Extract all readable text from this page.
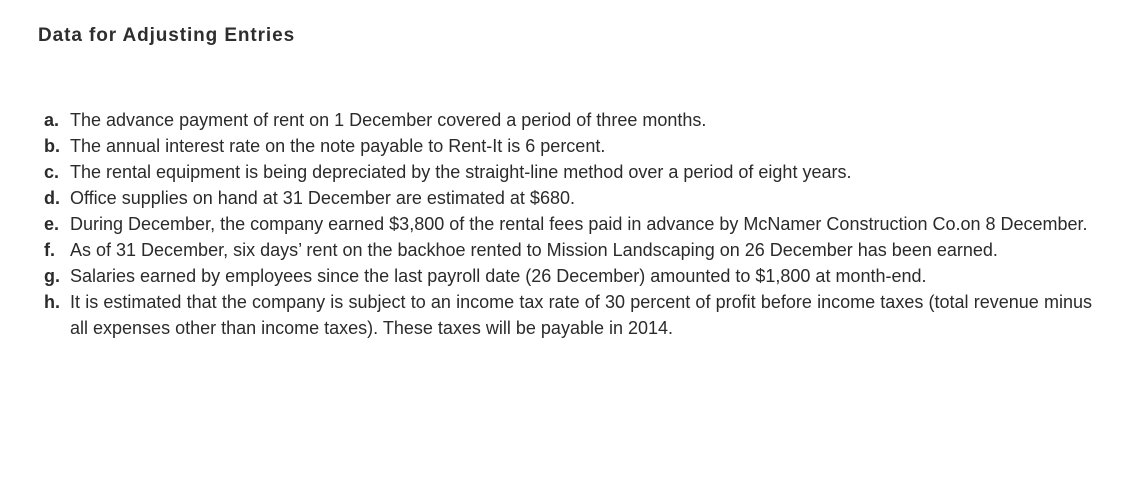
Data for Adjusting Entries
a. The advance payment of rent on 1 December covered a period of three months.
b. The annual interest rate on the note payable to Rent-It is 6 percent.
c. The rental equipment is being depreciated by the straight-line method over a period of eight years.
d. Office supplies on hand at 31 December are estimated at $680.
e. During December, the company earned $3,800 of the rental fees paid in advance by McNamer Construction Co.on 8 December.
f. As of 31 December, six days’ rent on the backhoe rented to Mission Landscaping on 26 December has been earned.
g. Salaries earned by employees since the last payroll date (26 December) amounted to $1,800 at month-end.
h. It is estimated that the company is subject to an income tax rate of 30 percent of profit before income taxes (total revenue minus all expenses other than income taxes). These taxes will be payable in 2014.
